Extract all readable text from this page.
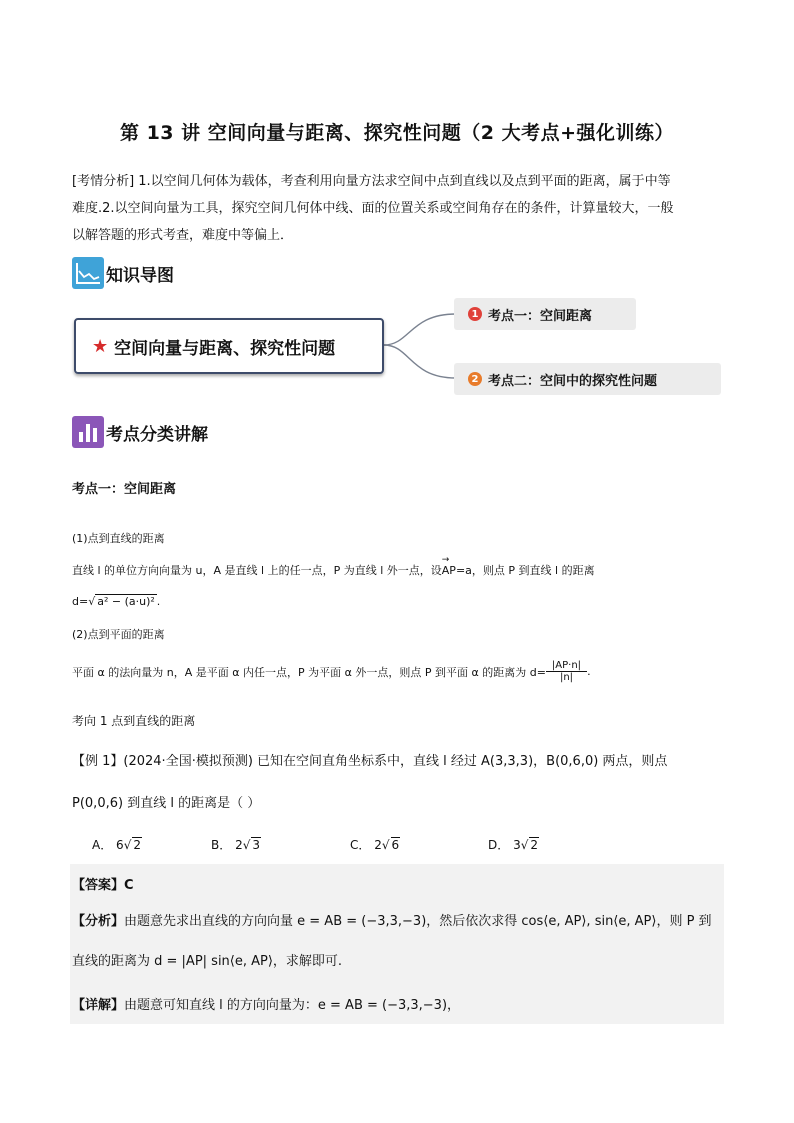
第 13 讲 空间向量与距离、探究性问题（2 大考点+强化训练）
[考情分析] 1.以空间几何体为载体，考查利用向量方法求空间中点到直线以及点到平面的距离，属于中等
难度.2.以空间向量为工具，探究空间几何体中线、面的位置关系或空间角存在的条件，计算量较大，一般
以解答题的形式考查，难度中等偏上．
知识导图
★ 空间向量与距离、探究性问题
1 考点一：空间距离
2 考点二：空间中的探究性问题
考点分类讲解
考点一：空间距离
(1)点到直线的距离
直线 l 的单位方向向量为 u，A 是直线 l 上的任一点，P 为直线 l 外一点，设→ AP=a，则点 P 到直线 l 的距离
d=√ a² − (a·u)² .
(2)点到平面的距离
平面 α 的法向量为 n，A 是平面 α 内任一点，P 为平面 α 外一点，则点 P 到平面 α 的距离为 $d= \frac{|AP\cdot n|}{|n|}$ .
考向 1 点到直线的距离
【例 1】(2024·全国·模拟预测) 已知在空间直角坐标系中，直线 l 经过 A(3,3,3)，B(0,6,0) 两点，则点
P(0,0,6) 到直线 l 的距离是（ ）
A． 6√ 2	B． 2√ 3	C． 2√ 6	D． 3√ 2
【答案】C
【分析】由题意先求出直线的方向向量 e = AB = (−3,3,−3)，然后依次求得 cos⟨e, AP⟩, sin⟨e, AP⟩，则 P 到
直线的距离为 d = |AP| sin⟨e, AP⟩，求解即可.
【详解】由题意可知直线 l 的方向向量为：e = AB = (−3,3,−3)，
